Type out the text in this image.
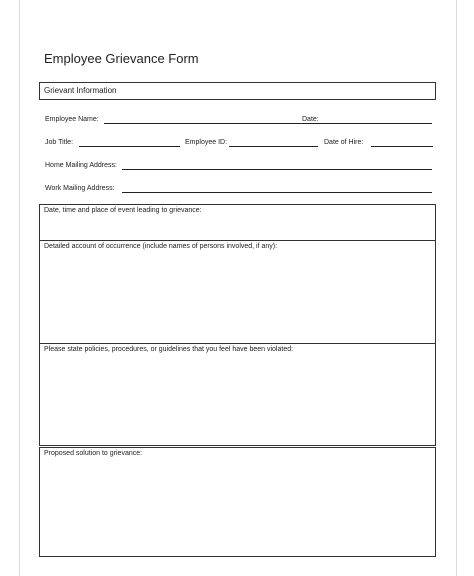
Employee Grievance Form
Grievant Information
Employee Name:	Date:
Job Title:	Employee ID:	Date of Hire:
Home Mailing Address:
Work Mailing Address:
Date, time and place of event leading to grievance:
Detailed account of occurrence (include names of persons involved, if any):
Please state policies, procedures, or guidelines that you feel have been violated:
Proposed solution to grievance:
